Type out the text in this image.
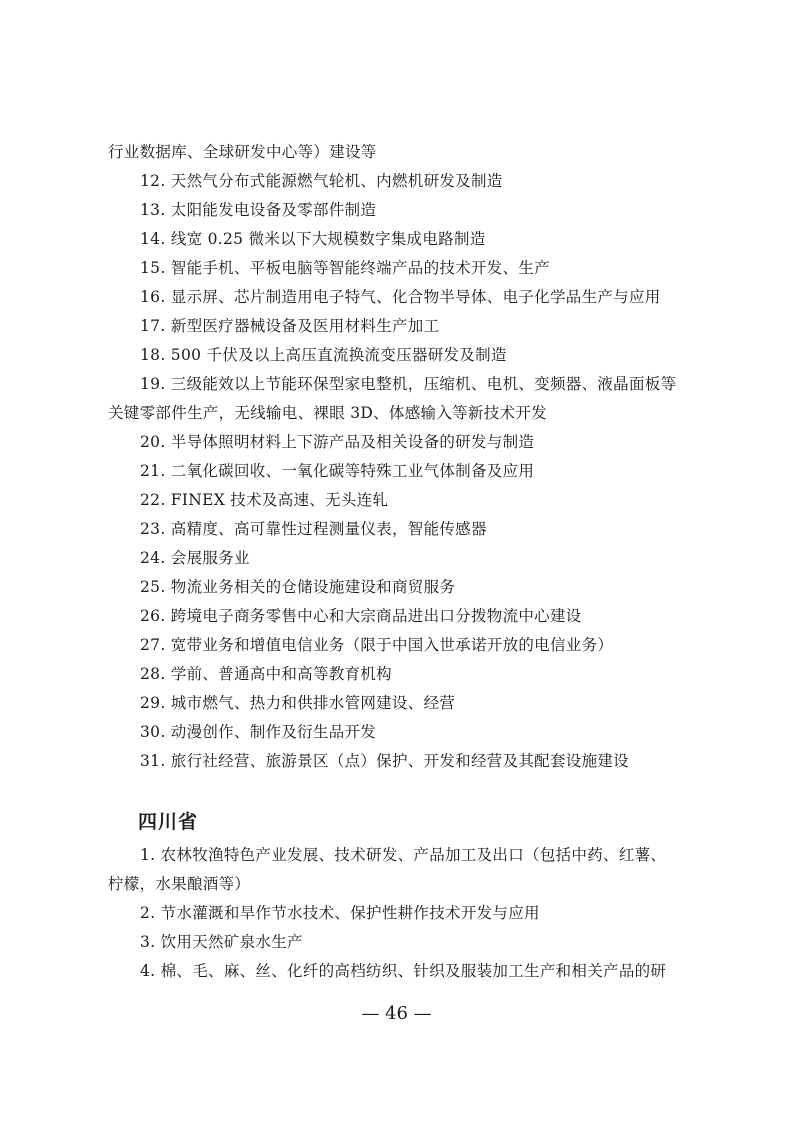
行业数据库、全球研发中心等）建设等
12. 天然气分布式能源燃气轮机、内燃机研发及制造
13. 太阳能发电设备及零部件制造
14. 线宽 0.25 微米以下大规模数字集成电路制造
15. 智能手机、平板电脑等智能终端产品的技术开发、生产
16. 显示屏、芯片制造用电子特气、化合物半导体、电子化学品生产与应用
17. 新型医疗器械设备及医用材料生产加工
18. 500 千伏及以上高压直流换流变压器研发及制造
19. 三级能效以上节能环保型家电整机，压缩机、电机、变频器、液晶面板等
关键零部件生产，无线输电、裸眼 3D、体感输入等新技术开发
20. 半导体照明材料上下游产品及相关设备的研发与制造
21. 二氧化碳回收、一氧化碳等特殊工业气体制备及应用
22. FINEX 技术及高速、无头连轧
23. 高精度、高可靠性过程测量仪表，智能传感器
24. 会展服务业
25. 物流业务相关的仓储设施建设和商贸服务
26. 跨境电子商务零售中心和大宗商品进出口分拨物流中心建设
27. 宽带业务和增值电信业务（限于中国入世承诺开放的电信业务）
28. 学前、普通高中和高等教育机构
29. 城市燃气、热力和供排水管网建设、经营
30. 动漫创作、制作及衍生品开发
31. 旅行社经营、旅游景区（点）保护、开发和经营及其配套设施建设
四川省
1. 农林牧渔特色产业发展、技术研发、产品加工及出口（包括中药、红薯、
柠檬，水果酿酒等）
2. 节水灌溉和旱作节水技术、保护性耕作技术开发与应用
3. 饮用天然矿泉水生产
4. 棉、毛、麻、丝、化纤的高档纺织、针织及服装加工生产和相关产品的研
— 46 —
